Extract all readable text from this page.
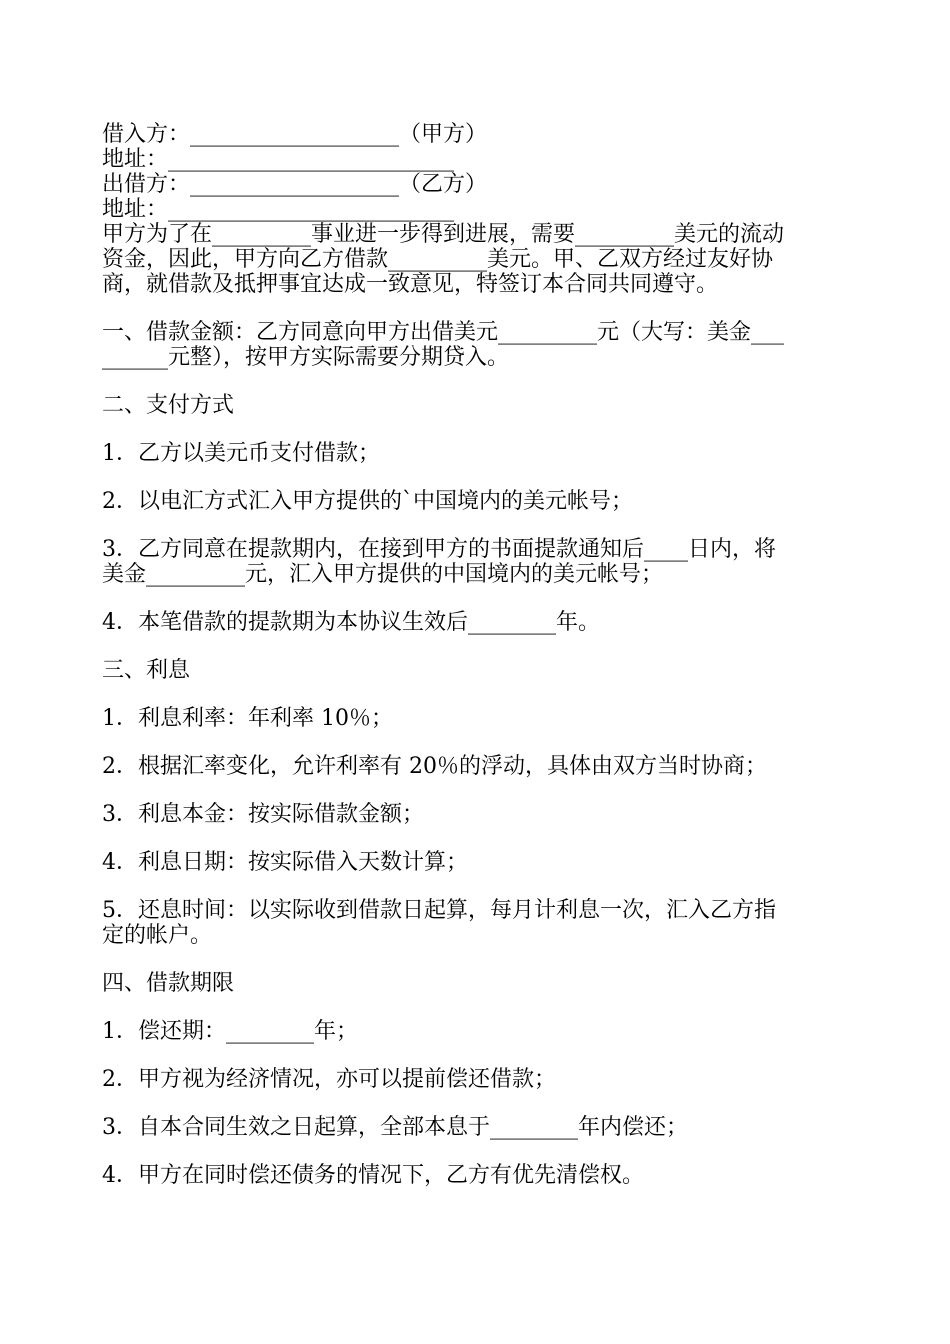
借入方：___________________（甲方）
地址：__________________________
出借方：___________________（乙方）
地址：__________________________
甲方为了在_________事业进一步得到进展，需要_________美元的流动
资金，因此，甲方向乙方借款_________美元。甲、乙双方经过友好协
商，就借款及抵押事宜达成一致意见，特签订本合同共同遵守。
一、借款金额：乙方同意向甲方出借美元_________元（大写：美金___
______元整），按甲方实际需要分期贷入。
二、支付方式
1．乙方以美元币支付借款；
2．以电汇方式汇入甲方提供的`中国境内的美元帐号；
3．乙方同意在提款期内，在接到甲方的书面提款通知后____日内，将
美金_________元，汇入甲方提供的中国境内的美元帐号；
4．本笔借款的提款期为本协议生效后________年。
三、利息
1．利息利率：年利率 10％；
2．根据汇率变化，允许利率有 20％的浮动，具体由双方当时协商；
3．利息本金：按实际借款金额；
4．利息日期：按实际借入天数计算；
5．还息时间：以实际收到借款日起算，每月计利息一次，汇入乙方指
定的帐户。
四、借款期限
1．偿还期：________年；
2．甲方视为经济情况，亦可以提前偿还借款；
3．自本合同生效之日起算，全部本息于________年内偿还；
4．甲方在同时偿还债务的情况下，乙方有优先清偿权。
